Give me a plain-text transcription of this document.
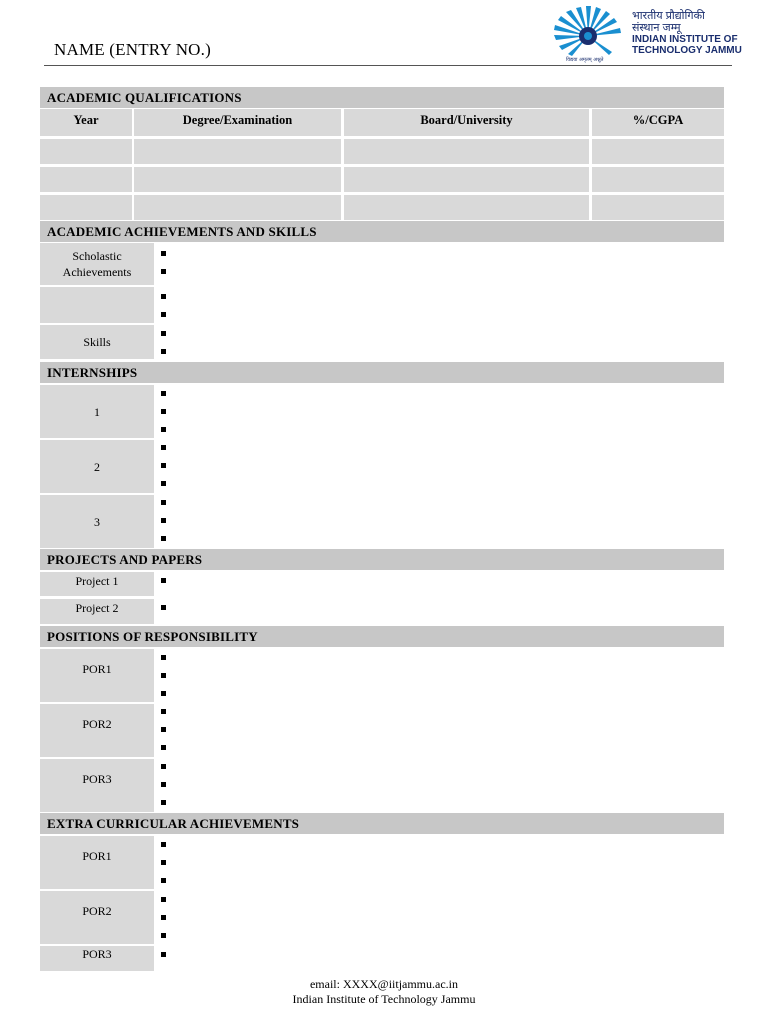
NAME (ENTRY NO.)
भारतीय प्रौद्योगिकी
संस्थान जम्मू
INDIAN INSTITUTE OF
TECHNOLOGY JAMMU
विद्यया अमृतम् अश्नुते
ACADEMIC QUALIFICATIONS
Year	Degree/Examination	Board/University	%/CGPA
ACADEMIC ACHIEVEMENTS AND SKILLS
Scholastic Achievements
Skills
INTERNSHIPS
1
2
3
PROJECTS AND PAPERS
Project 1
Project 2
POSITIONS OF RESPONSIBILITY
POR1
POR2
POR3
EXTRA CURRICULAR ACHIEVEMENTS
POR1
POR2
POR3
email: XXXX@iitjammu.ac.in
Indian Institute of Technology Jammu
